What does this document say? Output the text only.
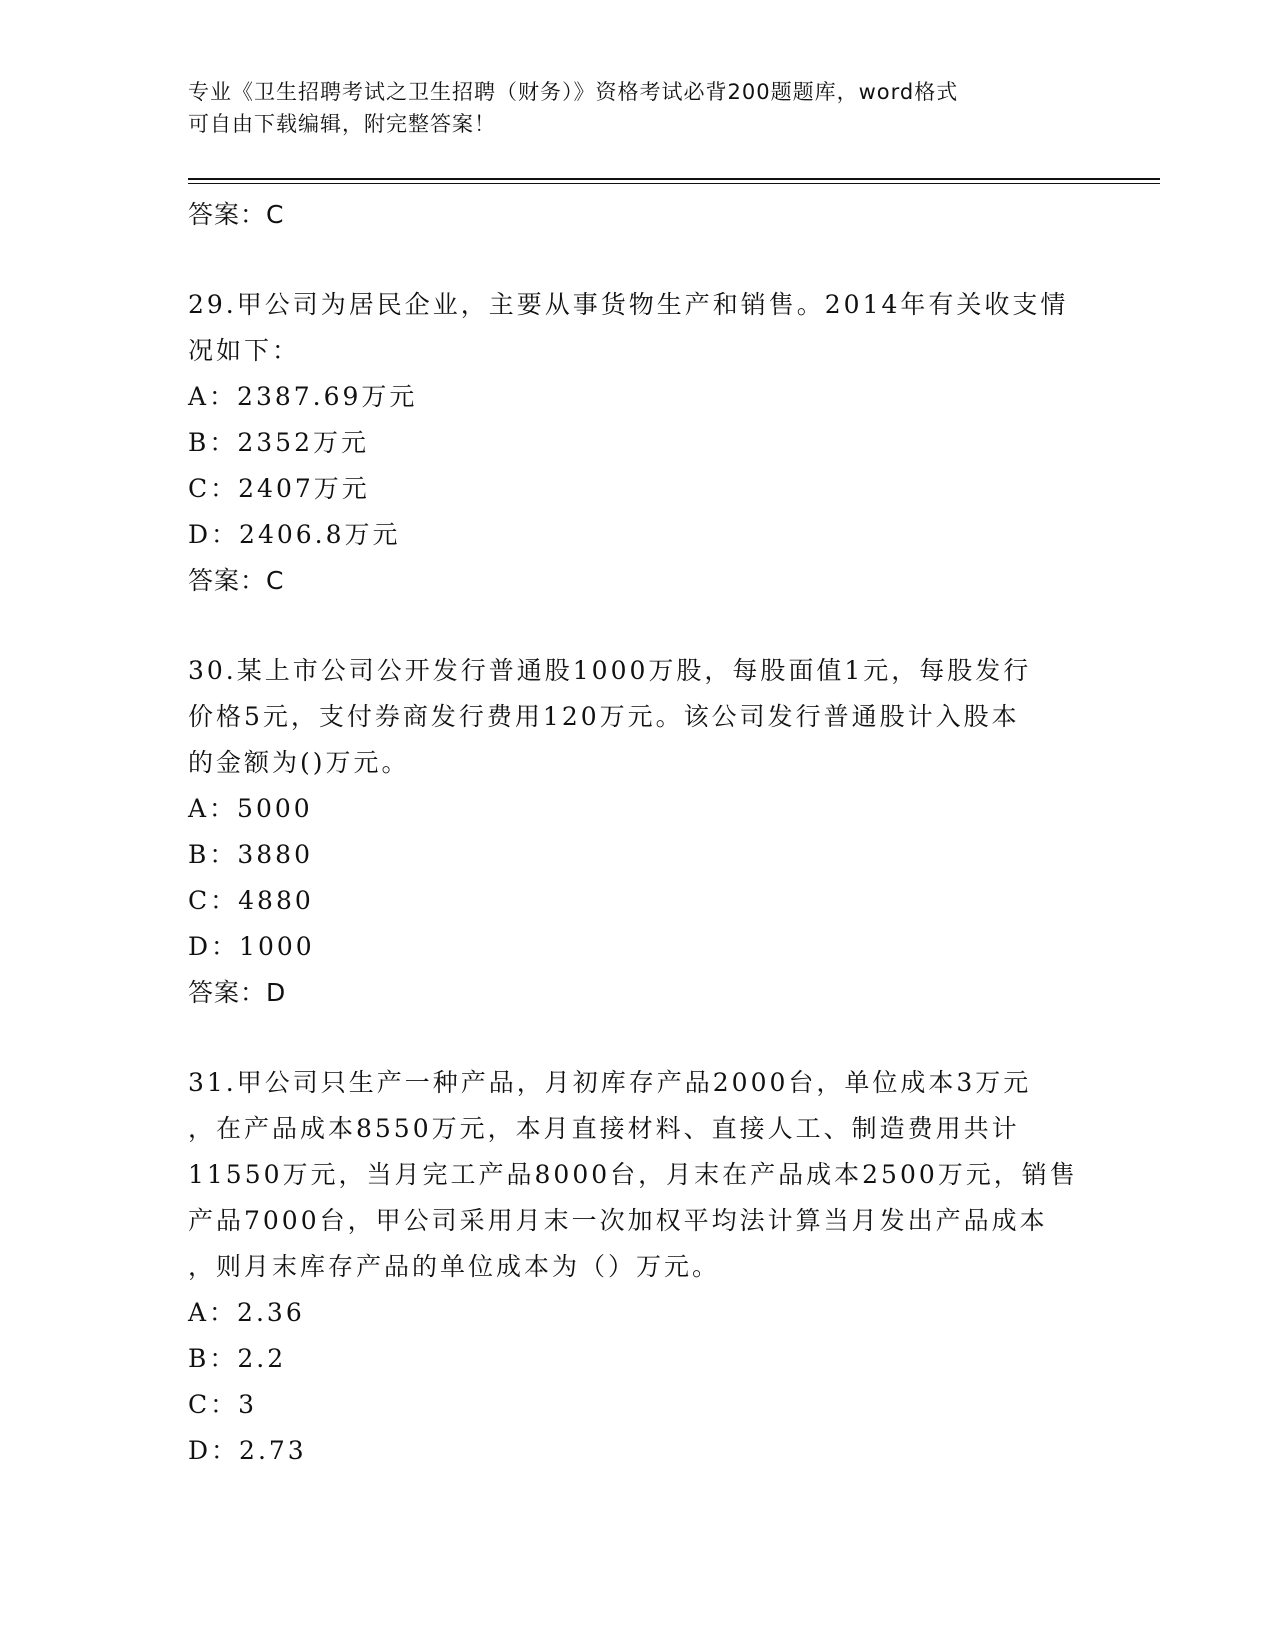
专业《卫生招聘考试之卫生招聘（财务）》资格考试必背200题题库，word格式
可自由下载编辑，附完整答案！
答案：C
29.甲公司为居民企业，主要从事货物生产和销售。2014年有关收支情
况如下：
A：2387.69万元
B：2352万元
C：2407万元
D：2406.8万元
答案：C
30.某上市公司公开发行普通股1000万股，每股面值1元，每股发行
价格5元，支付券商发行费用120万元。该公司发行普通股计入股本
的金额为()万元。
A：5000
B：3880
C：4880
D：1000
答案：D
31.甲公司只生产一种产品，月初库存产品2000台，单位成本3万元
，在产品成本8550万元，本月直接材料、直接人工、制造费用共计
11550万元，当月完工产品8000台，月末在产品成本2500万元，销售
产品7000台，甲公司采用月末一次加权平均法计算当月发出产品成本
，则月末库存产品的单位成本为（）万元。
A：2.36
B：2.2
C：3
D：2.73
